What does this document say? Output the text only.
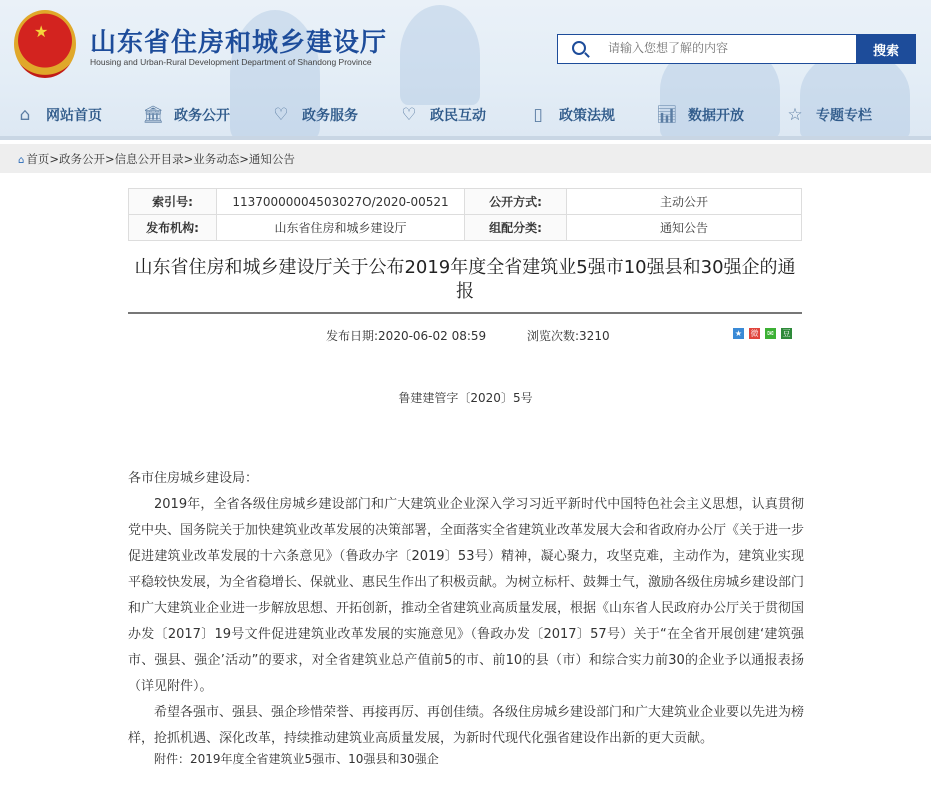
★ 山东省住房和城乡建设厅
Housing and Urban-Rural Development Department of Shandong Province
请输入您想了解的内容
搜索
⌂	网站首页 🏛︎ 政务公开	♡ 政务服务	♡ 政民互动	▯	政策法规 📊︎ 数据开放	☆ 专题专栏
⌂ 首页>政务公开>信息公开目录>业务动态>通知公告
索引号:	11370000004503027O/2020-00521	公开方式:	主动公开
发布机构:	山东省住房和城乡建设厅	组配分类:	通知公告
山东省住房和城乡建设厅关于公布2019年度全省建筑业5强市10强县和30强企的通报
发布日期:2020-06-02 08:59	浏览次数:3210	★ 微 ✉ 豆
鲁建建管字〔2020〕5号

各市住房城乡建设局：

2019年，全省各级住房城乡建设部门和广大建筑业企业深入学习习近平新时代中国特色社会主义思想，认真贯彻党中央、国务院关于加快建筑业改革发展的决策部署，全面落实全省建筑业改革发展大会和省政府办公厅《关于进一步促进建筑业改革发展的十六条意见》（鲁政办字〔2019〕53号）精神，凝心聚力，攻坚克难，主动作为，建筑业实现平稳较快发展，为全省稳增长、保就业、惠民生作出了积极贡献。为树立标杆、鼓舞士气，激励各级住房城乡建设部门和广大建筑业企业进一步解放思想、开拓创新，推动全省建筑业高质量发展，根据《山东省人民政府办公厅关于贯彻国办发〔2017〕19号文件促进建筑业改革发展的实施意见》（鲁政办发〔2017〕57号）关于“在全省开展创建‘建筑强市、强县、强企’活动”的要求，对全省建筑业总产值前5的市、前10的县（市）和综合实力前30的企业予以通报表扬（详见附件）。

希望各强市、强县、强企珍惜荣誉、再接再厉、再创佳绩。各级住房城乡建设部门和广大建筑业企业要以先进为榜样，抢抓机遇、深化改革，持续推动建筑业高质量发展，为新时代现代化强省建设作出新的更大贡献。

附件：2019年度全省建筑业5强市、10强县和30强企
